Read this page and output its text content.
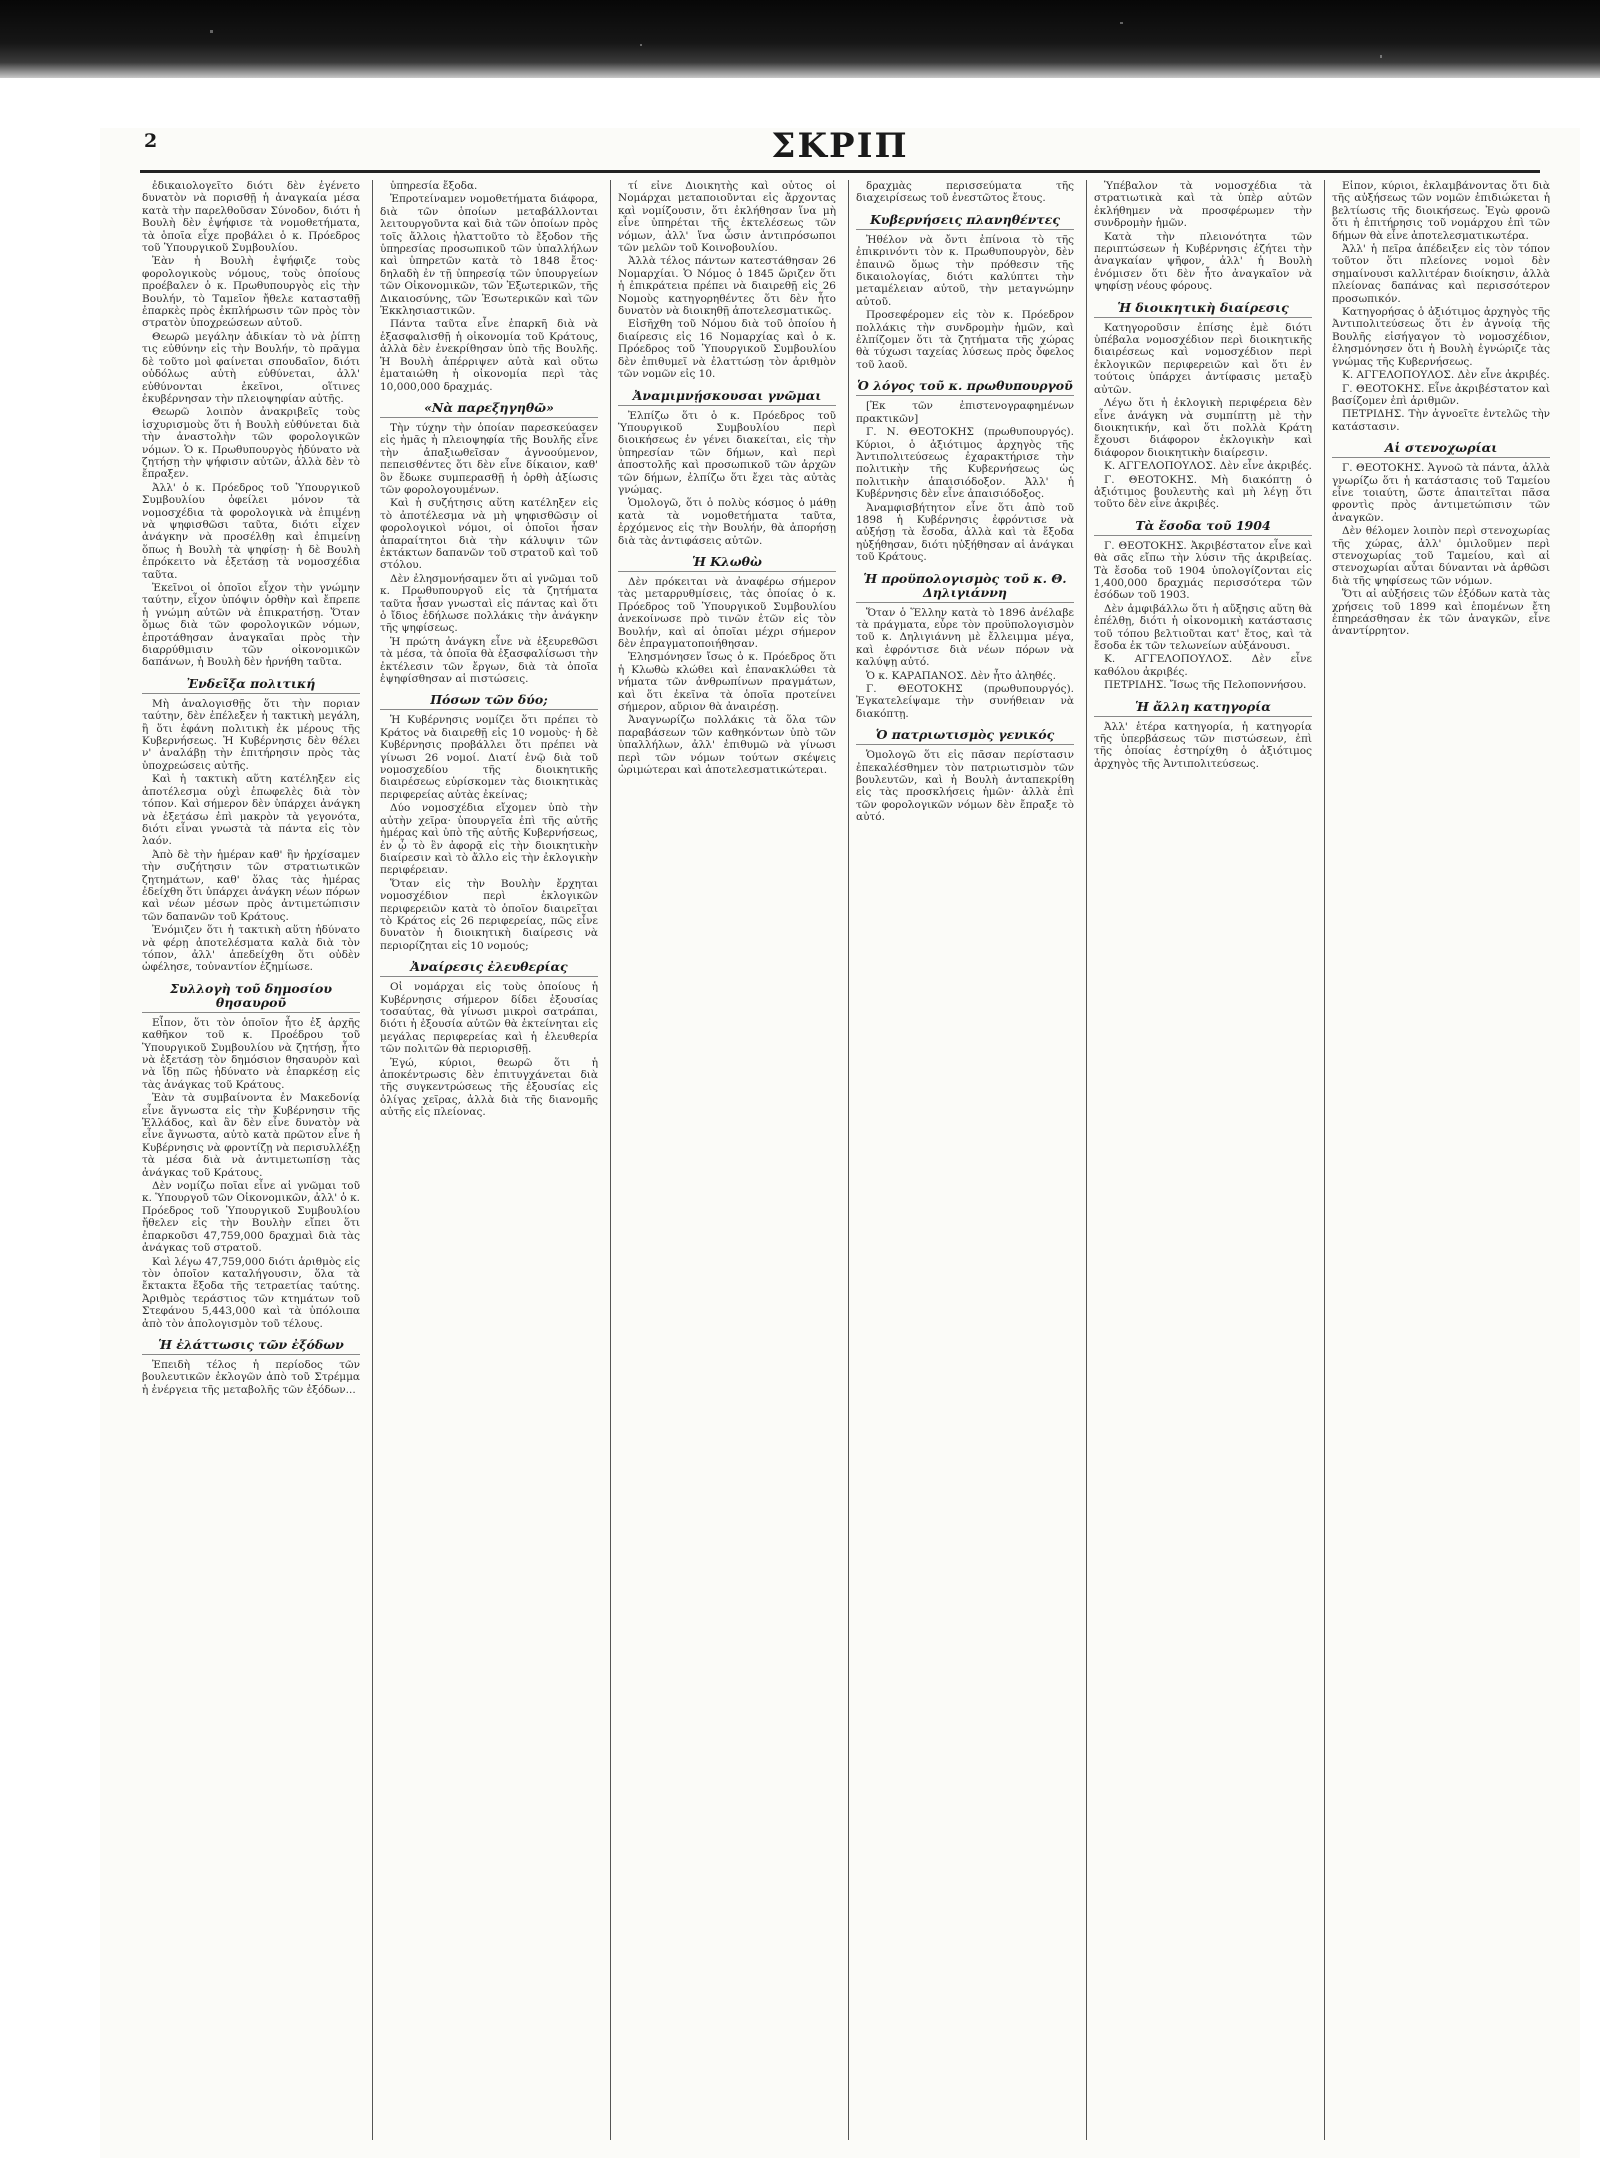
2	ΣΚΡΙΠ

ἐδικαιολογεῖτο διότι δὲν ἐγένετο δυνατὸν νὰ πορισθῇ ἡ ἀναγκαία μέσα κατὰ τὴν παρελθοῦσαν Σύνοδον, διότι ἡ Βουλὴ δὲν ἐψήφισε τὰ νομοθετήματα, τὰ ὁποῖα εἶχε προβάλει ὁ κ. Πρόεδρος τοῦ Ὑπουργικοῦ Συμβουλίου.

Ἐὰν ἡ Βουλὴ ἐψήφιζε τοὺς φορολογικοὺς νόμους, τοὺς ὁποίους προέβαλεν ὁ κ. Πρωθυπουργὸς εἰς τὴν Βουλήν, τὸ Ταμεῖον ἤθελε κατασταθῇ ἐπαρκὲς πρὸς ἐκπλήρωσιν τῶν πρὸς τὸν στρατὸν ὑποχρεώσεων αὐτοῦ.

Θεωρῶ μεγάλην ἀδικίαν τὸ νὰ ῥίπτῃ τις εὐθύνην εἰς τὴν Βουλήν, τὸ πρᾶγμα δὲ τοῦτο μοὶ φαίνεται σπουδαῖον, διότι οὐδόλως αὐτὴ εὐθύνεται, ἀλλ' εὐθύνονται ἐκεῖνοι, οἵτινες ἐκυβέρνησαν τὴν πλειοψηφίαν αὐτῆς.

Θεωρῶ λοιπὸν ἀνακριβεῖς τοὺς ἰσχυρισμοὺς ὅτι ἡ Βουλὴ εὐθύνεται διὰ τὴν ἀναστολὴν τῶν φορολογικῶν νόμων. Ὁ κ. Πρωθυπουργὸς ἠδύνατο νὰ ζητήσῃ τὴν ψήφισιν αὐτῶν, ἀλλὰ δὲν τὸ ἔπραξεν.

Ἀλλ' ὁ κ. Πρόεδρος τοῦ Ὑπουργικοῦ Συμβουλίου ὀφείλει μόνον τὰ νομοσχέδια τὰ φορολογικὰ νὰ ἐπιμένῃ νὰ ψηφισθῶσι ταῦτα, διότι εἶχεν ἀνάγκην νὰ προσέλθῃ καὶ ἐπιμείνῃ ὅπως ἡ Βουλὴ τὰ ψηφίσῃ· ἡ δὲ Βουλὴ ἐπρόκειτο νὰ ἐξετάσῃ τὰ νομοσχέδια ταῦτα.

Ἐκεῖνοι οἱ ὁποῖοι εἶχον τὴν γνώμην ταύτην, εἶχον ὑπόψιν ὀρθὴν καὶ ἔπρεπε ἡ γνώμη αὐτῶν νὰ ἐπικρατήσῃ. Ὅταν ὅμως διὰ τῶν φορολογικῶν νόμων, ἐπροτάθησαν ἀναγκαῖαι πρὸς τὴν διαρρύθμισιν τῶν οἰκονομικῶν δαπάνων, ἡ Βουλὴ δὲν ἠρνήθη ταῦτα.

Ἐνδεῖξα πολιτική

Μὴ ἀναλογισθῇς ὅτι τὴν ποριαν ταύτην, δὲν ἐπέλεξεν ἡ τακτικὴ μεγάλη, ἢ ὅτι ἐφάνη πολιτικὴ ἐκ μέρους τῆς Κυβερνήσεως. Ἡ Κυβέρνησις δὲν θέλει ν' ἀναλάβῃ τὴν ἐπιτήρησιν πρὸς τὰς ὑποχρεώσεις αὐτῆς.

Καὶ ἡ τακτικὴ αὕτη κατέληξεν εἰς ἀποτέλεσμα οὐχὶ ἐπωφελὲς διὰ τὸν τόπον. Καὶ σήμερον δὲν ὑπάρχει ἀνάγκη νὰ ἐξετάσω ἐπὶ μακρὸν τὰ γεγονότα, διότι εἶναι γνωστὰ τὰ πάντα εἰς τὸν λαόν.

Ἀπὸ δὲ τὴν ἡμέραν καθ' ἣν ἠρχίσαμεν τὴν συζήτησιν τῶν στρατιωτικῶν ζητημάτων, καθ' ὅλας τὰς ἡμέρας ἐδείχθη ὅτι ὑπάρχει ἀνάγκη νέων πόρων καὶ νέων μέσων πρὸς ἀντιμετώπισιν τῶν δαπανῶν τοῦ Κράτους.

Ἐνόμιζεν ὅτι ἡ τακτικὴ αὕτη ἠδύνατο νὰ φέρῃ ἀποτελέσματα καλὰ διὰ τὸν τόπον, ἀλλ' ἀπεδείχθη ὅτι οὐδὲν ὠφέλησε, τοὐναντίον ἐζημίωσε.

Συλλογὴ τοῦ δημοσίου θησαυροῦ

Εἶπον, ὅτι τὸν ὁποῖον ἦτο ἐξ ἀρχῆς καθῆκον τοῦ κ. Προέδρου τοῦ Ὑπουργικοῦ Συμβουλίου νὰ ζητήσῃ, ἦτο νὰ ἐξετάσῃ τὸν δημόσιον θησαυρὸν καὶ νὰ ἴδῃ πῶς ἠδύνατο νὰ ἐπαρκέσῃ εἰς τὰς ἀνάγκας τοῦ Κράτους.

Ἐὰν τὰ συμβαίνοντα ἐν Μακεδονίᾳ εἶνε ἄγνωστα εἰς τὴν Κυβέρνησιν τῆς Ἑλλάδος, καὶ ἂν δὲν εἶνε δυνατὸν νὰ εἶνε ἄγνωστα, αὐτὸ κατὰ πρῶτον εἶνε ἡ Κυβέρνησις νὰ φροντίζῃ νὰ περισυλλέξῃ τὰ μέσα διὰ νὰ ἀντιμετωπίσῃ τὰς ἀνάγκας τοῦ Κράτους.

Δὲν νομίζω ποῖαι εἶνε αἱ γνῶμαι τοῦ κ. Ὑπουργοῦ τῶν Οἰκονομικῶν, ἀλλ' ὁ κ. Πρόεδρος τοῦ Ὑπουργικοῦ Συμβουλίου ἤθελεν εἰς τὴν Βουλὴν εἴπει ὅτι ἐπαρκοῦσι 47,759,000 δραχμαὶ διὰ τὰς ἀνάγκας τοῦ στρατοῦ.

Καὶ λέγω 47,759,000 διότι ἀριθμὸς εἰς τὸν ὁποῖον καταλήγουσιν, ὅλα τὰ ἔκτακτα ἔξοδα τῆς τετραετίας ταύτης. Ἀριθμὸς τεράστιος τῶν κτημάτων τοῦ Στεφάνου 5,443,000 καὶ τὰ ὑπόλοιπα ἀπὸ τὸν ἀπολογισμὸν τοῦ τέλους.

Ἡ ἐλάττωσις τῶν ἐξόδων

Ἐπειδὴ τέλος ἡ περίοδος τῶν βουλευτικῶν ἐκλογῶν ἀπὸ τοῦ Στρέμμα ἡ ἐνέργεια τῆς μεταβολῆς τῶν ἐξόδων...

ὑπηρεσία ἔξοδα.

Ἐπροτείναμεν νομοθετήματα διάφορα, διὰ τῶν ὁποίων μεταβάλλονται λειτουργοῦντα καὶ διὰ τῶν ὁποίων πρὸς τοῖς ἄλλοις ἠλαττοῦτο τὸ ἔξοδον τῆς ὑπηρεσίας προσωπικοῦ τῶν ὑπαλλήλων καὶ ὑπηρετῶν κατὰ τὸ 1848 ἔτος· δηλαδὴ ἐν τῇ ὑπηρεσίᾳ τῶν ὑπουργείων τῶν Οἰκονομικῶν, τῶν Ἐξωτερικῶν, τῆς Δικαιοσύνης, τῶν Ἐσωτερικῶν καὶ τῶν Ἐκκλησιαστικῶν.

Πάντα ταῦτα εἶνε ἐπαρκῆ διὰ νὰ ἐξασφαλισθῇ ἡ οἰκονομία τοῦ Κράτους, ἀλλὰ δὲν ἐνεκρίθησαν ὑπὸ τῆς Βουλῆς. Ἡ Βουλὴ ἀπέρριψεν αὐτὰ καὶ οὕτω ἐματαιώθη ἡ οἰκονομία περὶ τὰς 10,000,000 δραχμάς.

«Νὰ παρεξηγηθῶ»

Τὴν τύχην τὴν ὁποίαν παρεσκεύασεν εἰς ἡμᾶς ἡ πλειοψηφία τῆς Βουλῆς εἶνε τὴν ἀπαξιωθεῖσαν ἀγνοούμενον, πεπεισθέντες ὅτι δὲν εἶνε δίκαιον, καθ' ὃν ἔδωκε συμπερασθῇ ἡ ὀρθὴ ἀξίωσις τῶν φορολογουμένων.

Καὶ ἡ συζήτησις αὕτη κατέληξεν εἰς τὸ ἀποτέλεσμα νὰ μὴ ψηφισθῶσιν οἱ φορολογικοὶ νόμοι, οἱ ὁποῖοι ἦσαν ἀπαραίτητοι διὰ τὴν κάλυψιν τῶν ἐκτάκτων δαπανῶν τοῦ στρατοῦ καὶ τοῦ στόλου.

Δὲν ἐλησμονήσαμεν ὅτι αἱ γνῶμαι τοῦ κ. Πρωθυπουργοῦ εἰς τὰ ζητήματα ταῦτα ἦσαν γνωσταὶ εἰς πάντας καὶ ὅτι ὁ ἴδιος ἐδήλωσε πολλάκις τὴν ἀνάγκην τῆς ψηφίσεως.

Ἡ πρώτη ἀνάγκη εἶνε νὰ ἐξευρεθῶσι τὰ μέσα, τὰ ὁποῖα θὰ ἐξασφαλίσωσι τὴν ἐκτέλεσιν τῶν ἔργων, διὰ τὰ ὁποῖα ἐψηφίσθησαν αἱ πιστώσεις.

Πόσων τῶν δύο;

Ἡ Κυβέρνησις νομίζει ὅτι πρέπει τὸ Κράτος νὰ διαιρεθῇ εἰς 10 νομοὺς· ἡ δὲ Κυβέρνησις προβάλλει ὅτι πρέπει νὰ γίνωσι 26 νομοί. Διατί ἐνῷ διὰ τοῦ νομοσχεδίου τῆς διοικητικῆς διαιρέσεως εὑρίσκομεν τὰς διοικητικὰς περιφερείας αὐτὰς ἐκείνας;

Δύο νομοσχέδια εἴχομεν ὑπὸ τὴν αὐτὴν χεῖρα· ὑπουργεῖα ἐπὶ τῆς αὐτῆς ἡμέρας καὶ ὑπὸ τῆς αὐτῆς Κυβερνήσεως, ἐν ᾧ τὸ ἓν ἀφορᾷ εἰς τὴν διοικητικὴν διαίρεσιν καὶ τὸ ἄλλο εἰς τὴν ἐκλογικὴν περιφέρειαν.

Ὅταν εἰς τὴν Βουλὴν ἔρχηται νομοσχέδιον περὶ ἐκλογικῶν περιφερειῶν κατὰ τὸ ὁποῖον διαιρεῖται τὸ Κράτος εἰς 26 περιφερείας, πῶς εἶνε δυνατὸν ἡ διοικητικὴ διαίρεσις νὰ περιορίζηται εἰς 10 νομούς;

Ἀναίρεσις ἐλευθερίας

Οἱ νομάρχαι εἰς τοὺς ὁποίους ἡ Κυβέρνησις σήμερον δίδει ἐξουσίας τοσαύτας, θὰ γίνωσι μικροὶ σατράπαι, διότι ἡ ἐξουσία αὐτῶν θὰ ἐκτείνηται εἰς μεγάλας περιφερείας καὶ ἡ ἐλευθερία τῶν πολιτῶν θὰ περιορισθῇ.

Ἐγώ, κύριοι, θεωρῶ ὅτι ἡ ἀποκέντρωσις δὲν ἐπιτυγχάνεται διὰ τῆς συγκεντρώσεως τῆς ἐξουσίας εἰς ὀλίγας χεῖρας, ἀλλὰ διὰ τῆς διανομῆς αὐτῆς εἰς πλείονας.

τί εἶνε Διοικητὴς καὶ οὗτος οἱ Νομάρχαι μεταποιοῦνται εἰς ἄρχοντας καὶ νομίζουσιν, ὅτι ἐκλήθησαν ἵνα μὴ εἶνε ὑπηρέται τῆς ἐκτελέσεως τῶν νόμων, ἀλλ' ἵνα ὦσιν ἀντιπρόσωποι τῶν μελῶν τοῦ Κοινοβουλίου.

Ἀλλὰ τέλος πάντων κατεστάθησαν 26 Νομαρχίαι. Ὁ Νόμος ὁ 1845 ὥριζεν ὅτι ἡ ἐπικράτεια πρέπει νὰ διαιρεθῇ εἰς 26 Νομοὺς κατηγορηθέντες ὅτι δὲν ἦτο δυνατὸν νὰ διοικηθῇ ἀποτελεσματικῶς.

Εἰσῆχθη τοῦ Νόμου διὰ τοῦ ὁποίου ἡ διαίρεσις εἰς 16 Νομαρχίας καὶ ὁ κ. Πρόεδρος τοῦ Ὑπουργικοῦ Συμβουλίου δὲν ἐπιθυμεῖ νὰ ἐλαττώσῃ τὸν ἀριθμὸν τῶν νομῶν εἰς 10.

Ἀναμιμνῄσκουσαι γνῶμαι

Ἐλπίζω ὅτι ὁ κ. Πρόεδρος τοῦ Ὑπουργικοῦ Συμβουλίου περὶ διοικήσεως ἐν γένει διακείται, εἰς τὴν ὑπηρεσίαν τῶν δήμων, καὶ περὶ ἀποστολῆς καὶ προσωπικοῦ τῶν ἀρχῶν τῶν δήμων, ἐλπίζω ὅτι ἔχει τὰς αὐτὰς γνώμας.

Ὁμολογῶ, ὅτι ὁ πολὺς κόσμος ὁ μάθῃ κατὰ τὰ νομοθετήματα ταῦτα, ἐρχόμενος εἰς τὴν Βουλήν, θὰ ἀπορήσῃ διὰ τὰς ἀντιφάσεις αὐτῶν.

Ἡ Κλωθὼ

Δὲν πρόκειται νὰ ἀναφέρω σήμερον τὰς μεταρρυθμίσεις, τὰς ὁποίας ὁ κ. Πρόεδρος τοῦ Ὑπουργικοῦ Συμβουλίου ἀνεκοίνωσε πρὸ τινῶν ἐτῶν εἰς τὸν Βουλήν, καὶ αἱ ὁποῖαι μέχρι σήμερον δὲν ἐπραγματοποιήθησαν.

Ἐλησμόνησεν ἴσως ὁ κ. Πρόεδρος ὅτι ἡ Κλωθὼ κλώθει καὶ ἐπανακλώθει τὰ νήματα τῶν ἀνθρωπίνων πραγμάτων, καὶ ὅτι ἐκεῖνα τὰ ὁποῖα προτείνει σήμερον, αὔριον θὰ ἀναιρέσῃ.

Ἀναγνωρίζω πολλάκις τὰ ὅλα τῶν παραβάσεων τῶν καθηκόντων ὑπὸ τῶν ὑπαλλήλων, ἀλλ' ἐπιθυμῶ νὰ γίνωσι περὶ τῶν νόμων τούτων σκέψεις ὡριμώτεραι καὶ ἀποτελεσματικώτεραι.

δραχμὰς περισσεύματα τῆς διαχειρίσεως τοῦ ἐνεστῶτος ἔτους.

Κυβερνήσεις πλανηθέντες

Ἠθέλον νὰ ὄντι ἐπίνοια τὸ τῆς ἐπικρινόντι τὸν κ. Πρωθυπουργὸν, δὲν ἐπαινῶ ὅμως τὴν πρόθεσιν τῆς δικαιολογίας, διότι καλύπτει τὴν μεταμέλειαν αὐτοῦ, τὴν μεταγνώμην αὐτοῦ.

Προσεφέρομεν εἰς τὸν κ. Πρόεδρον πολλάκις τὴν συνδρομὴν ἡμῶν, καὶ ἐλπίζομεν ὅτι τὰ ζητήματα τῆς χώρας θὰ τύχωσι ταχείας λύσεως πρὸς ὄφελος τοῦ λαοῦ.

Ὁ λόγος τοῦ κ. πρωθυπουργοῦ

[Ἐκ τῶν ἐπιστενογραφημένων πρακτικῶν]

Γ. Ν. ΘΕΟΤΟΚΗΣ (πρωθυπουργός). Κύριοι, ὁ ἀξιότιμος ἀρχηγὸς τῆς Ἀντιπολιτεύσεως ἐχαρακτήρισε τὴν πολιτικὴν τῆς Κυβερνήσεως ὡς πολιτικὴν ἀπαισιόδοξον. Ἀλλ' ἡ Κυβέρνησις δὲν εἶνε ἀπαισιόδοξος.

Ἀναμφισβήτητον εἶνε ὅτι ἀπὸ τοῦ 1898 ἡ Κυβέρνησις ἐφρόντισε νὰ αὐξήσῃ τὰ ἔσοδα, ἀλλὰ καὶ τὰ ἔξοδα ηὐξήθησαν, διότι ηὐξήθησαν αἱ ἀνάγκαι τοῦ Κράτους.

Ἡ προϋπολογισμὸς τοῦ κ. Θ. Δηλιγιάννη

Ὅταν ὁ Ἕλλην κατὰ τὸ 1896 ἀνέλαβε τὰ πράγματα, εὗρε τὸν προϋπολογισμὸν τοῦ κ. Δηλιγιάννη μὲ ἔλλειμμα μέγα, καὶ ἐφρόντισε διὰ νέων πόρων νὰ καλύψῃ αὐτό.

Ὁ κ. ΚΑΡΑΠΑΝΟΣ. Δὲν ἦτο ἀληθές.

Γ. ΘΕΟΤΟΚΗΣ (πρωθυπουργός). Ἐγκατελείψαμε τὴν συνήθειαν νὰ διακόπτῃ.

Ὁ πατριωτισμὸς γενικός

Ὁμολογῶ ὅτι εἰς πᾶσαν περίστασιν ἐπεκαλέσθημεν τὸν πατριωτισμὸν τῶν βουλευτῶν, καὶ ἡ Βουλὴ ἀνταπεκρίθη εἰς τὰς προσκλήσεις ἡμῶν· ἀλλὰ ἐπὶ τῶν φορολογικῶν νόμων δὲν ἔπραξε τὸ αὐτό.

Ὑπέβαλον τὰ νομοσχέδια τὰ στρατιωτικὰ καὶ τὰ ὑπὲρ αὐτῶν ἐκλήθημεν νὰ προσφέρωμεν τὴν συνδρομὴν ἡμῶν.

Κατὰ τὴν πλειονότητα τῶν περιπτώσεων ἡ Κυβέρνησις ἐζήτει τὴν ἀναγκαίαν ψῆφον, ἀλλ' ἡ Βουλὴ ἐνόμισεν ὅτι δὲν ἦτο ἀναγκαῖον νὰ ψηφίσῃ νέους φόρους.

Ἡ διοικητικὴ διαίρεσις

Κατηγοροῦσιν ἐπίσης ἐμὲ διότι ὑπέβαλα νομοσχέδιον περὶ διοικητικῆς διαιρέσεως καὶ νομοσχέδιον περὶ ἐκλογικῶν περιφερειῶν καὶ ὅτι ἐν τούτοις ὑπάρχει ἀντίφασις μεταξὺ αὐτῶν.

Λέγω ὅτι ἡ ἐκλογικὴ περιφέρεια δὲν εἶνε ἀνάγκη νὰ συμπίπτῃ μὲ τὴν διοικητικήν, καὶ ὅτι πολλὰ Κράτη ἔχουσι διάφορον ἐκλογικὴν καὶ διάφορον διοικητικὴν διαίρεσιν.

Κ. ΑΓΓΕΛΟΠΟΥΛΟΣ. Δὲν εἶνε ἀκριβές.

Γ. ΘΕΟΤΟΚΗΣ. Μὴ διακόπτῃ ὁ ἀξιότιμος βουλευτὴς καὶ μὴ λέγῃ ὅτι τοῦτο δὲν εἶνε ἀκριβές.

Τὰ ἔσοδα τοῦ 1904

Γ. ΘΕΟΤΟΚΗΣ. Ἀκριβέστατον εἶνε καὶ θὰ σᾶς εἴπω τὴν λύσιν τῆς ἀκριβείας. Τὰ ἔσοδα τοῦ 1904 ὑπολογίζονται εἰς 1,400,000 δραχμάς περισσότερα τῶν ἐσόδων τοῦ 1903.

Δὲν ἀμφιβάλλω ὅτι ἡ αὔξησις αὕτη θὰ ἐπέλθῃ, διότι ἡ οἰκονομικὴ κατάστασις τοῦ τόπου βελτιοῦται κατ' ἔτος, καὶ τὰ ἔσοδα ἐκ τῶν τελωνείων αὐξάνουσι.

Κ. ΑΓΓΕΛΟΠΟΥΛΟΣ. Δὲν εἶνε καθόλου ἀκριβές.

ΠΕΤΡΙΔΗΣ. Ἴσως τῆς Πελοποννήσου.

Ἡ ἄλλη κατηγορία

Ἀλλ' ἑτέρα κατηγορία, ἡ κατηγορία τῆς ὑπερβάσεως τῶν πιστώσεων, ἐπὶ τῆς ὁποίας ἐστηρίχθη ὁ ἀξιότιμος ἀρχηγὸς τῆς Ἀντιπολιτεύσεως.

Εἶπον, κύριοι, ἐκλαμβάνοντας ὅτι διὰ τῆς αὐξήσεως τῶν νομῶν ἐπιδιώκεται ἡ βελτίωσις τῆς διοικήσεως. Ἐγὼ φρονῶ ὅτι ἡ ἐπιτήρησις τοῦ νομάρχου ἐπὶ τῶν δήμων θὰ εἶνε ἀποτελεσματικωτέρα.

Ἀλλ' ἡ πεῖρα ἀπέδειξεν εἰς τὸν τόπον τοῦτον ὅτι πλείονες νομοὶ δὲν σημαίνουσι καλλιτέραν διοίκησιν, ἀλλὰ πλείονας δαπάνας καὶ περισσότερον προσωπικόν.

Κατηγορήσας ὁ ἀξιότιμος ἀρχηγὸς τῆς Ἀντιπολιτεύσεως ὅτι ἐν ἀγνοίᾳ τῆς Βουλῆς εἰσήγαγον τὸ νομοσχέδιον, ἐλησμόνησεν ὅτι ἡ Βουλὴ ἐγνώριζε τὰς γνώμας τῆς Κυβερνήσεως.

Κ. ΑΓΓΕΛΟΠΟΥΛΟΣ. Δὲν εἶνε ἀκριβές.

Γ. ΘΕΟΤΟΚΗΣ. Εἶνε ἀκριβέστατον καὶ βασίζομεν ἐπὶ ἀριθμῶν.

ΠΕΤΡΙΔΗΣ. Τὴν ἀγνοεῖτε ἐντελῶς τὴν κατάστασιν.

Αἱ στενοχωρίαι

Γ. ΘΕΟΤΟΚΗΣ. Ἀγνοῶ τὰ πάντα, ἀλλὰ γνωρίζω ὅτι ἡ κατάστασις τοῦ Ταμείου εἶνε τοιαύτη, ὥστε ἀπαιτεῖται πᾶσα φροντὶς πρὸς ἀντιμετώπισιν τῶν ἀναγκῶν.

Δὲν θέλομεν λοιπὸν περὶ στενοχωρίας τῆς χώρας, ἀλλ' ὁμιλοῦμεν περὶ στενοχωρίας τοῦ Ταμείου, καὶ αἱ στενοχωρίαι αὗται δύνανται νὰ ἀρθῶσι διὰ τῆς ψηφίσεως τῶν νόμων.

Ὅτι αἱ αὐξήσεις τῶν ἐξόδων κατὰ τὰς χρήσεις τοῦ 1899 καὶ ἑπομένων ἔτη ἐπηρεάσθησαν ἐκ τῶν ἀναγκῶν, εἶνε ἀναντίρρητον.
